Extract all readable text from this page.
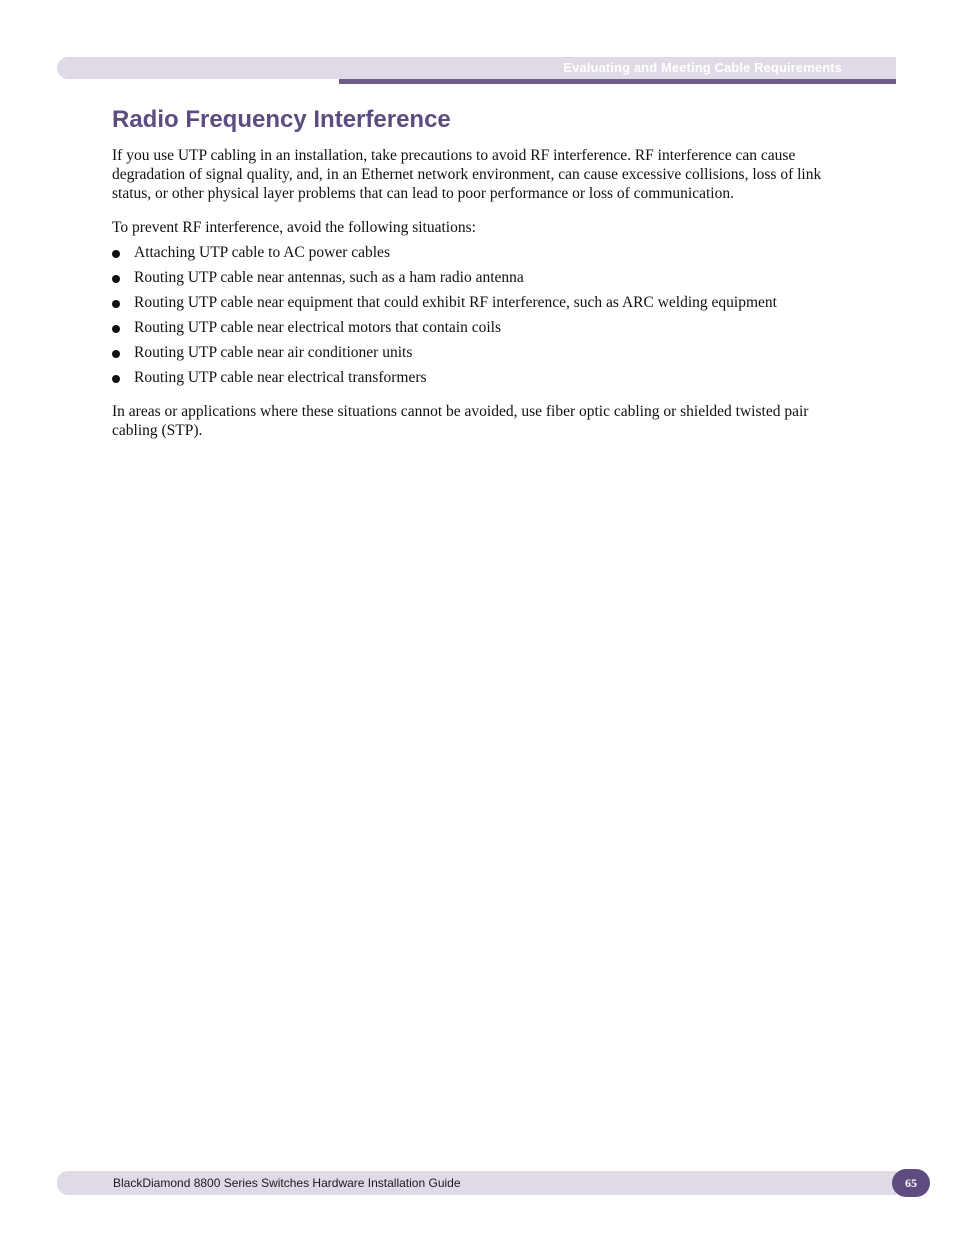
Evaluating and Meeting Cable Requirements
Radio Frequency Interference

If you use UTP cabling in an installation, take precautions to avoid RF interference. RF interference can cause degradation of signal quality, and, in an Ethernet network environment, can cause excessive collisions, loss of link status, or other physical layer problems that can lead to poor performance or loss of communication.

To prevent RF interference, avoid the following situations:

Attaching UTP cable to AC power cables
Routing UTP cable near antennas, such as a ham radio antenna
Routing UTP cable near equipment that could exhibit RF interference, such as ARC welding equipment
Routing UTP cable near electrical motors that contain coils
Routing UTP cable near air conditioner units
Routing UTP cable near electrical transformers

In areas or applications where these situations cannot be avoided, use fiber optic cabling or shielded twisted pair cabling (STP).

BlackDiamond 8800 Series Switches Hardware Installation Guide	65
